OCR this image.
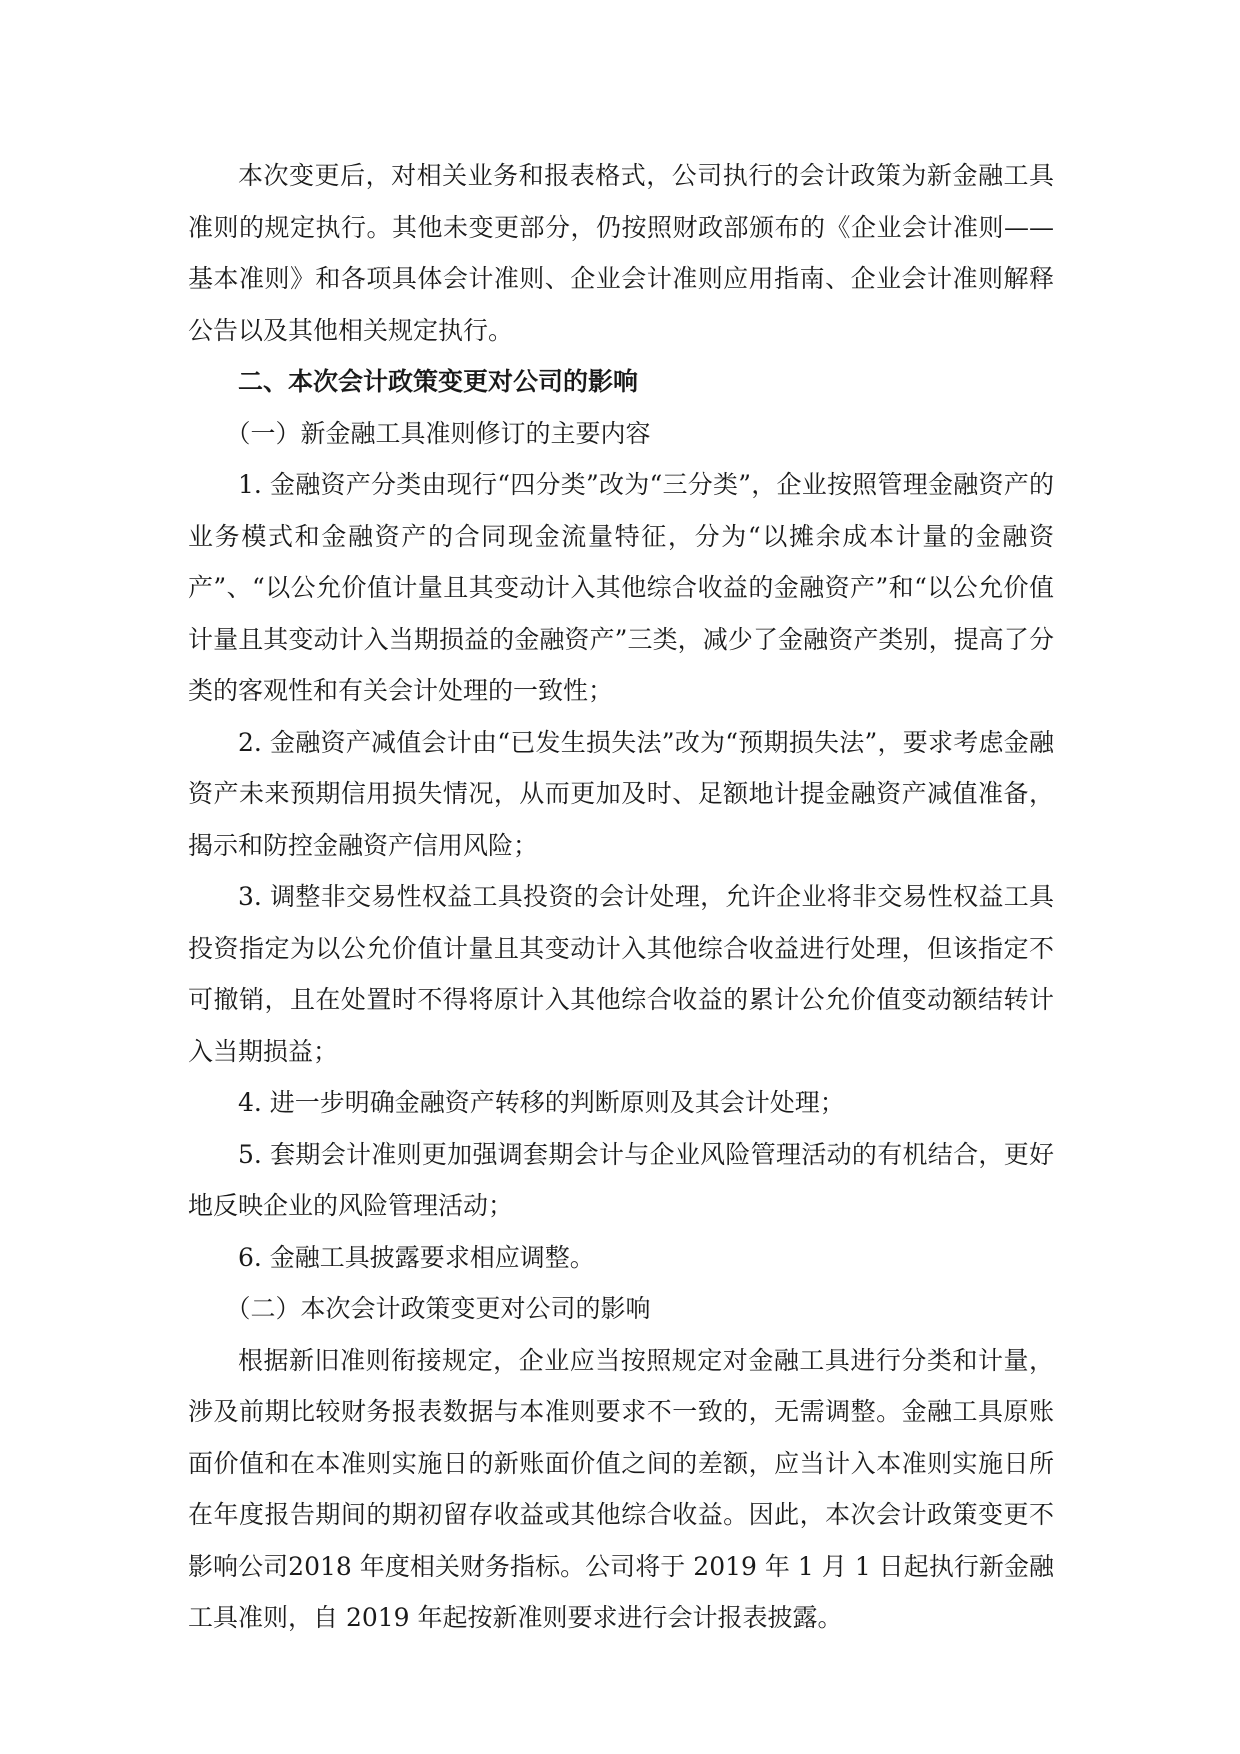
本次变更后，对相关业务和报表格式，公司执行的会计政策为新金融工具准则的规定执行。其他未变更部分，仍按照财政部颁布的《企业会计准则——基本准则》和各项具体会计准则、企业会计准则应用指南、企业会计准则解释公告以及其他相关规定执行。

二、本次会计政策变更对公司的影响
（一）新金融工具准则修订的主要内容

1. 金融资产分类由现行“四分类”改为“三分类”，企业按照管理金融资产的业务模式和金融资产的合同现金流量特征，分为“以摊余成本计量的金融资产”、“以公允价值计量且其变动计入其他综合收益的金融资产”和“以公允价值计量且其变动计入当期损益的金融资产”三类，减少了金融资产类别，提高了分类的客观性和有关会计处理的一致性；

2. 金融资产减值会计由“已发生损失法”改为“预期损失法”，要求考虑金融资产未来预期信用损失情况，从而更加及时、足额地计提金融资产减值准备，揭示和防控金融资产信用风险；

3. 调整非交易性权益工具投资的会计处理，允许企业将非交易性权益工具投资指定为以公允价值计量且其变动计入其他综合收益进行处理，但该指定不可撤销，且在处置时不得将原计入其他综合收益的累计公允价值变动额结转计入当期损益；

4. 进一步明确金融资产转移的判断原则及其会计处理；

5. 套期会计准则更加强调套期会计与企业风险管理活动的有机结合，更好地反映企业的风险管理活动；

6. 金融工具披露要求相应调整。

（二）本次会计政策变更对公司的影响

根据新旧准则衔接规定，企业应当按照规定对金融工具进行分类和计量，涉及前期比较财务报表数据与本准则要求不一致的，无需调整。金融工具原账面价值和在本准则实施日的新账面价值之间的差额，应当计入本准则实施日所在年度报告期间的期初留存收益或其他综合收益。因此，本次会计政策变更不影响公司2018 年度相关财务指标。公司将于 2019 年 1 月 1 日起执行新金融工具准则，自 2019 年起按新准则要求进行会计报表披露。
